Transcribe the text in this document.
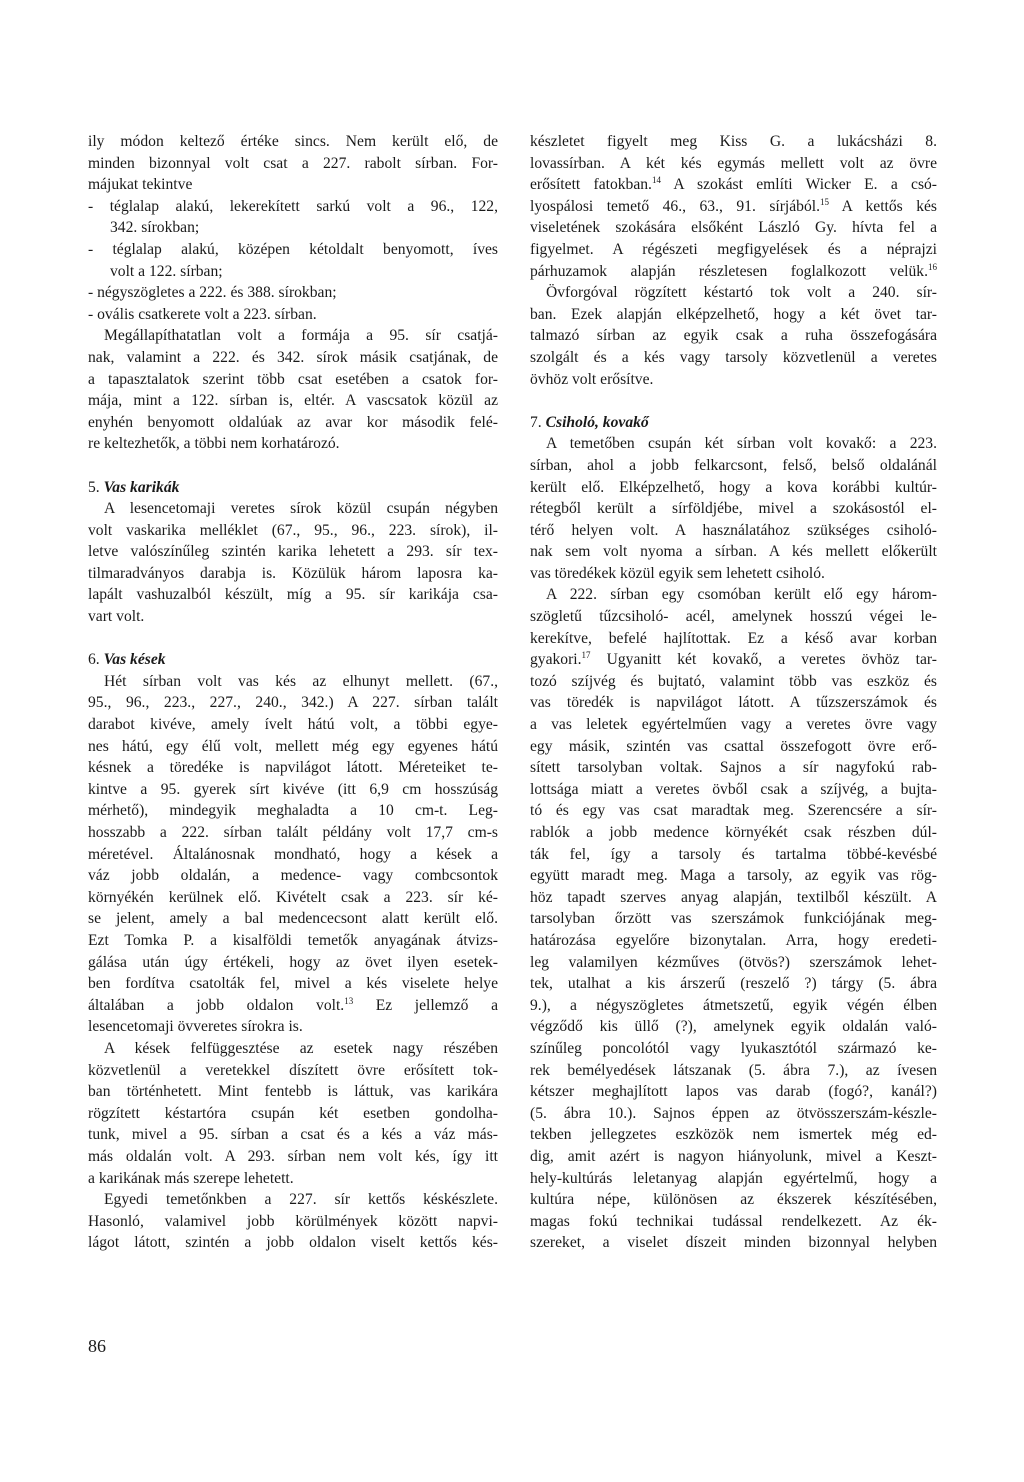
ily módon keltező értéke sincs. Nem került elő, de
minden bizonnyal volt csat a 227. rabolt sírban. For-
májukat tekintve
- téglalap alakú, lekerekített sarkú volt a 96., 122,
342. sírokban;
- téglalap alakú, középen kétoldalt benyomott, íves
volt a 122. sírban;
- négyszögletes a 222. és 388. sírokban;
- ovális csatkerete volt a 223. sírban.
Megállapíthatatlan volt a formája a 95. sír csatjá-
nak, valamint a 222. és 342. sírok másik csatjának, de
a tapasztalatok szerint több csat esetében a csatok for-
mája, mint a 122. sírban is, eltér. A vascsatok közül az
enyhén benyomott oldalúak az avar kor második felé-
re keltezhetők, a többi nem korhatározó.
5. Vas karikák
A lesencetomaji veretes sírok közül csupán négyben
volt vaskarika melléklet (67., 95., 96., 223. sírok), il-
letve valószínűleg szintén karika lehetett a 293. sír tex-
tilmaradványos darabja is. Közülük három laposra ka-
lapált vashuzalból készült, míg a 95. sír karikája csa-
vart volt.
6. Vas kések
Hét sírban volt vas kés az elhunyt mellett. (67.,
95., 96., 223., 227., 240., 342.) A 227. sírban talált
darabot kivéve, amely ívelt hátú volt, a többi egye-
nes hátú, egy élű volt, mellett még egy egyenes hátú
késnek a töredéke is napvilágot látott. Méreteiket te-
kintve a 95. gyerek sírt kivéve (itt 6,9 cm hosszúság
mérhető), mindegyik meghaladta a 10 cm-t. Leg-
hosszabb a 222. sírban talált példány volt 17,7 cm-s
méretével. Általánosnak mondható, hogy a kések a
váz jobb oldalán, a medence- vagy combcsontok
környékén kerülnek elő. Kivételt csak a 223. sír ké-
se jelent, amely a bal medencecsont alatt került elő.
Ezt Tomka P. a kisalföldi temetők anyagának átvizs-
gálása után úgy értékeli, hogy az övet ilyen esetek-
ben fordítva csatolták fel, mivel a kés viselete helye
általában a jobb oldalon volt.$^{13}$ Ez jellemző a
lesencetomaji övveretes sírokra is.
A kések felfüggesztése az esetek nagy részében
közvetlenül a veretekkel díszített övre erősített tok-
ban történhetett. Mint fentebb is láttuk, vas karikára
rögzített késtartóra csupán két esetben gondolha-
tunk, mivel a 95. sírban a csat és a kés a váz más-
más oldalán volt. A 293. sírban nem volt kés, így itt
a karikának más szerepe lehetett.
Egyedi temetőnkben a 227. sír kettős késkészlete.
Hasonló, valamivel jobb körülmények között napvi-
lágot látott, szintén a jobb oldalon viselt kettős kés-
készletet figyelt meg Kiss G. a lukácsházi 8.
lovassírban. A két kés egymás mellett volt az övre
erősített fatokban.$^{14}$ A szokást említi Wicker E. a csó-
lyospálosi temető 46., 63., 91. sírjából.$^{15}$ A kettős kés
viseletének szokására elsőként László Gy. hívta fel a
figyelmet. A régészeti megfigyelések és a néprajzi
párhuzamok alapján részletesen foglalkozott velük.$^{16}$
Övforgóval rögzített késtartó tok volt a 240. sír-
ban. Ezek alapján elképzelhető, hogy a két övet tar-
talmazó sírban az egyik csak a ruha összefogására
szolgált és a kés vagy tarsoly közvetlenül a veretes
övhöz volt erősítve.
7. Csiholó, kovakő
A temetőben csupán két sírban volt kovakő: a 223.
sírban, ahol a jobb felkarcsont, felső, belső oldalánál
került elő. Elképzelhető, hogy a kova korábbi kultúr-
rétegből került a sírföldjébe, mivel a szokásostól el-
térő helyen volt. A használatához szükséges csiholó-
nak sem volt nyoma a sírban. A kés mellett előkerült
vas töredékek közül egyik sem lehetett csiholó.
A 222. sírban egy csomóban került elő egy három-
szögletű tűzcsiholó- acél, amelynek hosszú végei le-
kerekítve, befelé hajlítottak. Ez a késő avar korban
gyakori.$^{17}$ Ugyanitt két kovakő, a veretes övhöz tar-
tozó szíjvég és bujtató, valamint több vas eszköz és
vas töredék is napvilágot látott. A tűzszerszámok és
a vas leletek egyértelműen vagy a veretes övre vagy
egy másik, szintén vas csattal összefogott övre erő-
sített tarsolyban voltak. Sajnos a sír nagyfokú rab-
lottsága miatt a veretes övből csak a szíjvég, a bujta-
tó és egy vas csat maradtak meg. Szerencsére a sír-
rablók a jobb medence környékét csak részben dúl-
ták fel, így a tarsoly és tartalma többé-kevésbé
együtt maradt meg. Maga a tarsoly, az egyik vas rög-
höz tapadt szerves anyag alapján, textilből készült. A
tarsolyban őrzött vas szerszámok funkciójának meg-
határozása egyelőre bizonytalan. Arra, hogy eredeti-
leg valamilyen kézműves (ötvös?) szerszámok lehet-
tek, utalhat a kis árszerű (reszelő ?) tárgy (5. ábra
9.), a négyszögletes átmetszetű, egyik végén élben
végződő kis üllő (?), amelynek egyik oldalán való-
színűleg poncolótól vagy lyukasztótól származó ke-
rek bemélyedések látszanak (5. ábra 7.), az ívesen
kétszer meghajlított lapos vas darab (fogó?, kanál?)
(5. ábra 10.). Sajnos éppen az ötvösszerszám-készle-
tekben jellegzetes eszközök nem ismertek még ed-
dig, amit azért is nagyon hiányolunk, mivel a Keszt-
hely-kultúrás leletanyag alapján egyértelmű, hogy a
kultúra népe, különösen az ékszerek készítésében,
magas fokú technikai tudással rendelkezett. Az ék-
szereket, a viselet díszeit minden bizonnyal helyben
86
